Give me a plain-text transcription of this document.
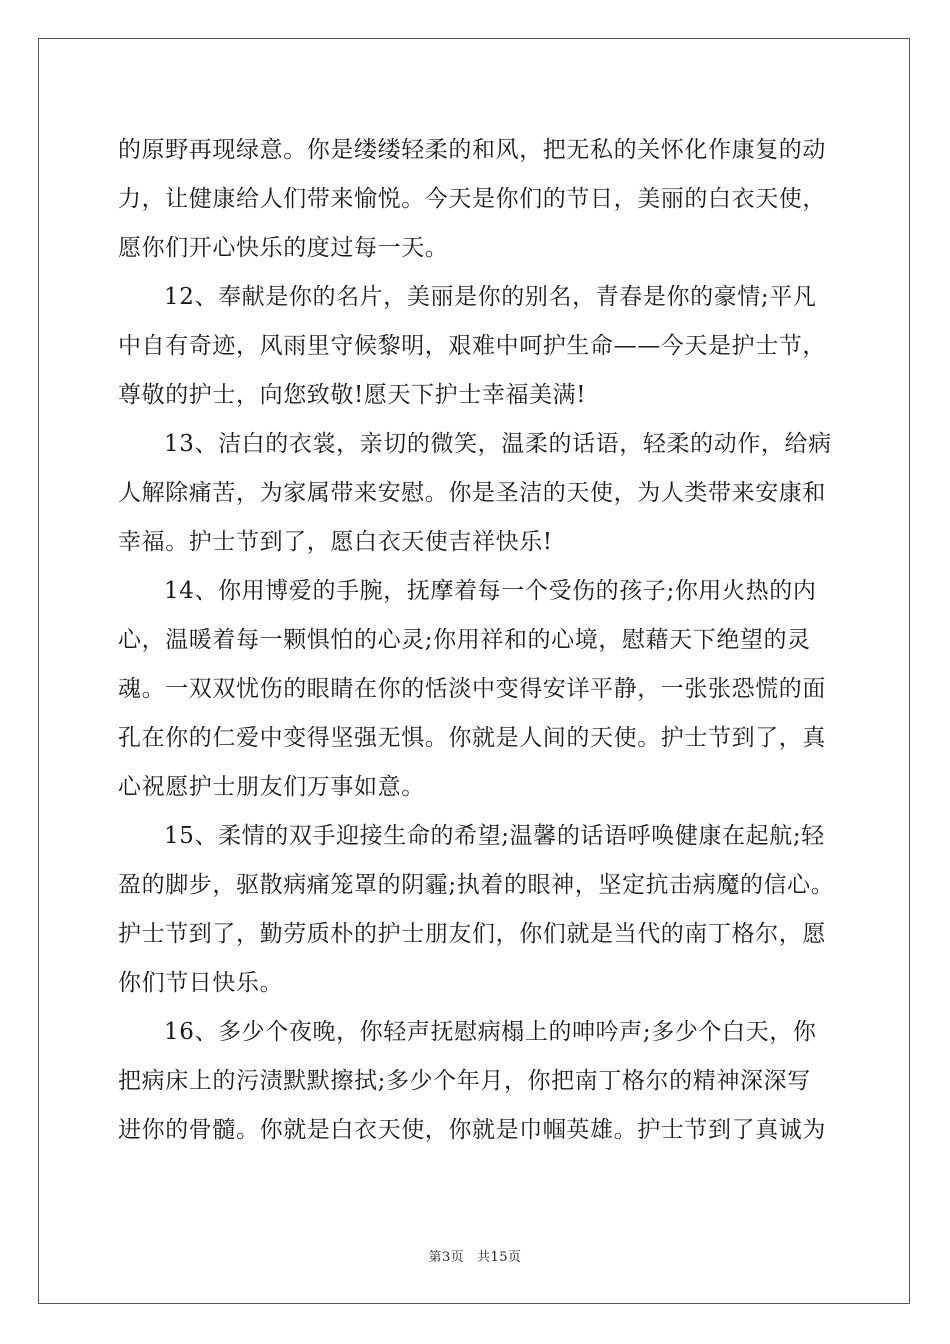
的原野再现绿意。你是缕缕轻柔的和风，把无私的关怀化作康复的动
力，让健康给人们带来愉悦。今天是你们的节日，美丽的白衣天使，
愿你们开心快乐的度过每一天。
12、奉献是你的名片，美丽是你的别名，青春是你的豪情;平凡
中自有奇迹，风雨里守候黎明，艰难中呵护生命——今天是护士节，
尊敬的护士，向您致敬!愿天下护士幸福美满!
13、洁白的衣裳，亲切的微笑，温柔的话语，轻柔的动作，给病
人解除痛苦，为家属带来安慰。你是圣洁的天使，为人类带来安康和
幸福。护士节到了，愿白衣天使吉祥快乐!
14、你用博爱的手腕，抚摩着每一个受伤的孩子;你用火热的内
心，温暖着每一颗惧怕的心灵;你用祥和的心境，慰藉天下绝望的灵
魂。一双双忧伤的眼睛在你的恬淡中变得安详平静，一张张恐慌的面
孔在你的仁爱中变得坚强无惧。你就是人间的天使。护士节到了，真
心祝愿护士朋友们万事如意。
15、柔情的双手迎接生命的希望;温馨的话语呼唤健康在起航;轻
盈的脚步，驱散病痛笼罩的阴霾;执着的眼神，坚定抗击病魔的信心。
护士节到了，勤劳质朴的护士朋友们，你们就是当代的南丁格尔，愿
你们节日快乐。
16、多少个夜晚，你轻声抚慰病榻上的呻吟声;多少个白天，你
把病床上的污渍默默擦拭;多少个年月，你把南丁格尔的精神深深写
进你的骨髓。你就是白衣天使，你就是巾帼英雄。护士节到了真诚为
第3页 共15页
